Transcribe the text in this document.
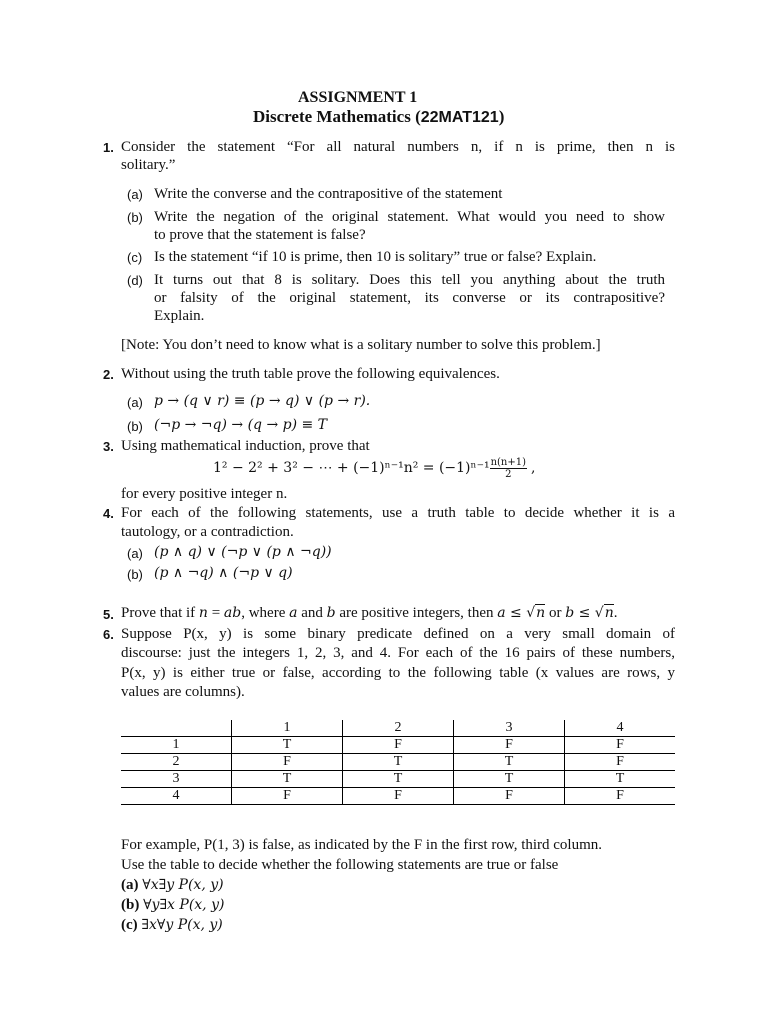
ASSIGNMENT 1
Discrete Mathematics (22MAT121)
1. Consider the statement “For all natural numbers n, if n is prime, then n is
solitary.”
(a) Write the converse and the contrapositive of the statement
(b) Write the negation of the original statement. What would you need to show
to prove that the statement is false?
(c) Is the statement “if 10 is prime, then 10 is solitary” true or false? Explain.
(d) It turns out that 8 is solitary. Does this tell you anything about the truth
or falsity of the original statement, its converse or its contrapositive?
Explain.
[Note: You don’t need to know what is a solitary number to solve this problem.]
2. Without using the truth table prove the following equivalences.
(a) p → (q ∨ r) ≡ (p → q) ∨ (p → r).
(b) (¬p → ¬q) → (q → p) ≡ T
3. Using mathematical induction, prove that
1² − 2² + 3² − ⋯ + $(-1)^{n-1}n^2 = (-1)^{n-1} \frac{n(n+1)}{2}$ ,
for every positive integer n.
4. For each of the following statements, use a truth table to decide whether it is a
tautology, or a contradiction.
(a) (p ∧ q) ∨ (¬p ∨ (p ∧ ¬q))
(b) (p ∧ ¬q) ∧ (¬p ∨ q)
5. Prove that if n = ab, where a and b are positive integers, then a ≤ √n or b ≤ √n.
6. Suppose P(x, y) is some binary predicate defined on a very small domain of
discourse: just the integers 1, 2, 3, and 4. For each of the 16 pairs of these numbers,
P(x, y) is either true or false, according to the following table (x values are rows, y
values are columns).
	1	2	3	4
1	T	F	F	F
2	F	T	T	F
3	T	T	T	T
4	F	F	F	F
For example, P(1, 3) is false, as indicated by the F in the first row, third column.
Use the table to decide whether the following statements are true or false
(a) ∀x∃y P(x, y)
(b) ∀y∃x P(x, y)
(c) ∃x∀y P(x, y)
